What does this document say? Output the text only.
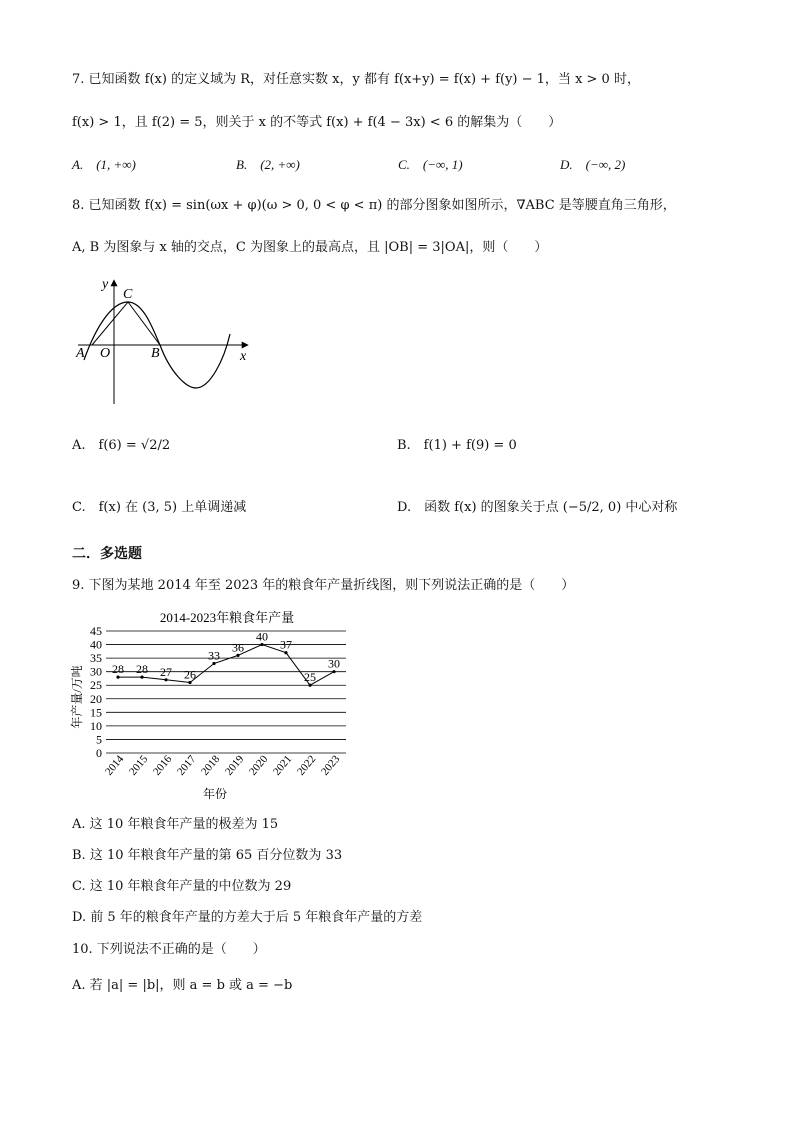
7. 已知函数 f(x) 的定义域为 R，对任意实数 x，y 都有 f(x+y) = f(x) + f(y) − 1，当 x > 0 时，
f(x) > 1，且 f(2) = 5，则关于 x 的不等式 f(x) + f(4 − 3x) < 6 的解集为（　　）
A.　(1, +∞)	B.　(2, +∞)	C.　(−∞, 1)	D.　(−∞, 2)
8. 已知函数 f(x) = sin(ωx + φ)(ω > 0, 0 < φ < π) 的部分图象如图所示，∇ABC 是等腰直角三角形，
A, B 为图象与 x 轴的交点，C 为图象上的最高点，且 |OB| = 3|OA|，则（　　）
y
x
C
A O	B
A.　f(6) = √2/2	B.　f(1) + f(9) = 0
C.　f(x) 在 (3, 5) 上单调递减	D.　函数 f(x) 的图象关于点 (−5/2, 0) 中心对称
二．多选题
9. 下图为某地 2014 年至 2023 年的粮食年产量折线图，则下列说法正确的是（　　）
2014-2023年粮食年产量
年产量/万吨
年份
0
5
10
15
20
25
30
35
40
45
28 28 27 26
33
36
40
37
25
30
2014 2015 2016 2017 2018 2019 2020 2021 2022 2023
A. 这 10 年粮食年产量的极差为 15
B. 这 10 年粮食年产量的第 65 百分位数为 33
C. 这 10 年粮食年产量的中位数为 29
D. 前 5 年的粮食年产量的方差大于后 5 年粮食年产量的方差
10. 下列说法不正确的是（　　）
A. 若 |a| = |b|，则 a = b 或 a = −b
